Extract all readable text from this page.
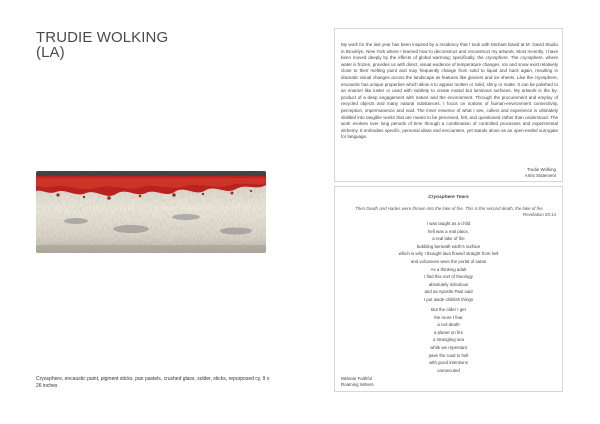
TRUDIE WOLKING
(LA)
Cryosphere, encaustic paint, pigment sticks, pan pastels, crushed glass, solder, sticks, repurposed cy, 9 x 26 inches
My work for the last year has been inspired by a residency that I took with Michael David at M. David Studio in Brooklyn, New York where I learned how to deconstruct and reconstruct my artwork. Most recently, I have been moved deeply by the effects of global warming; specifically, the cryosphere. The cryosphere, where water is frozen, provides us with direct, visual evidence of temperature changes. Ice and snow exist relatively close to their melting point and may frequently change from solid to liquid and back again, resulting in dramatic visual changes across the landscape as features like glaciers and ice sheets. Like the cryosphere, encaustic has unique properties which allow it to appear molten or solid, shiny or matte. It can be polished to an enamel like luster or used with subtlety to create muted but luminous surfaces. My artwork is the by-product of a deep engagement with nature and the environment. Through the procurement and employ of recycled objects and many natural substances, I focus on notions of human-environment connectivity, perception, impermanence and void. The inner essence of what I see, collect and experience is ultimately distilled into tangible works that are meant to be perceived, felt, and questioned rather than understood. The work evolves over long periods of time through a combination of controlled processes and experimental alchemy. It embodies specific, personal ideas and encounters, yet stands alone as an open-ended surrogate for language.
Trudie Wolking
Artist Statement
Cryosphere Tears
Then Death and Hades were thrown into the lake of fire. This is the second death, the lake of fire.
Revelation 20:14
I was taught as a child
hell was a real place,
a real lake of fire
bubbling beneath earth's surface
which is why I thought lava flowed straight from hell
and volcanoes were the portal of satan
As a thinking adult
I find this sort of theology
absolutely ridiculous
and as Apostle Paul said
I put aside childish things
But the older I get
the more I fear
a red death
a planet on fire
a strangling sea
while we repentant
pave the road to hell
with good intentions
unexecuted
Melanie Faithful
Roaming Writers
